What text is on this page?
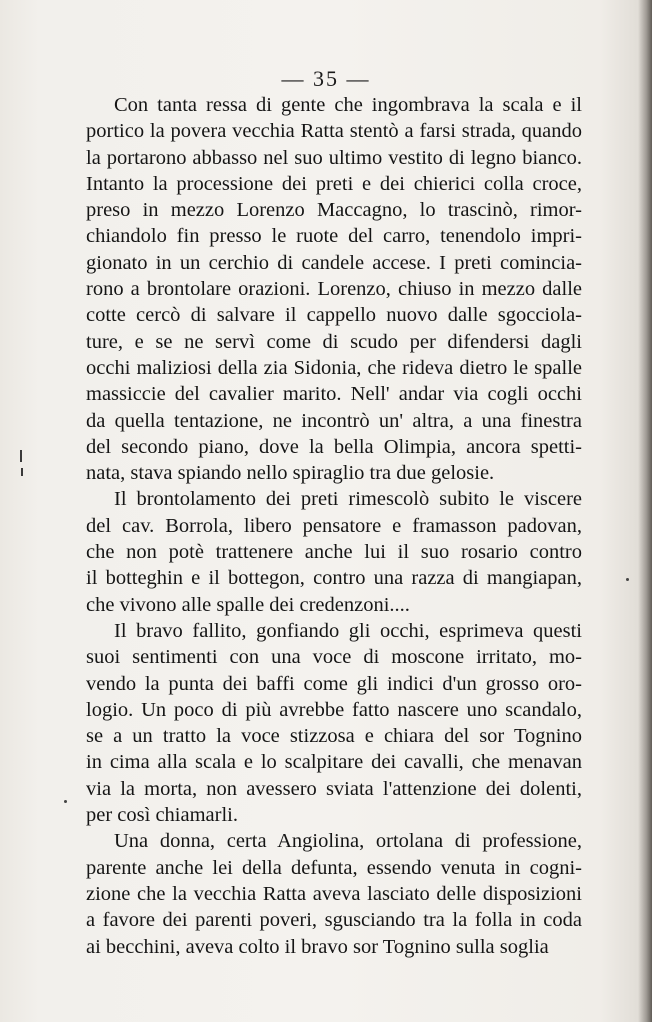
— 35 —
Con tanta ressa di gente che ingombrava la scala e il
portico la povera vecchia Ratta stentò a farsi strada, quando
la portarono abbasso nel suo ultimo vestito di legno bianco.
Intanto la processione dei preti e dei chierici colla croce,
preso in mezzo Lorenzo Maccagno, lo trascinò, rimor-
chiandolo fin presso le ruote del carro, tenendolo impri-
gionato in un cerchio di candele accese. I preti comincia-
rono a brontolare orazioni. Lorenzo, chiuso in mezzo dalle
cotte cercò di salvare il cappello nuovo dalle sgocciola-
ture, e se ne servì come di scudo per difendersi dagli
occhi maliziosi della zia Sidonia, che rideva dietro le spalle
massiccie del cavalier marito. Nell' andar via cogli occhi
da quella tentazione, ne incontrò un' altra, a una finestra
del secondo piano, dove la bella Olimpia, ancora spetti-
nata, stava spiando nello spiraglio tra due gelosie.
Il brontolamento dei preti rimescolò subito le viscere
del cav. Borrola, libero pensatore e framasson padovan,
che non potè trattenere anche lui il suo rosario contro
il botteghin e il bottegon, contro una razza di mangiapan,
che vivono alle spalle dei credenzoni....
Il bravo fallito, gonfiando gli occhi, esprimeva questi
suoi sentimenti con una voce di moscone irritato, mo-
vendo la punta dei baffi come gli indici d'un grosso oro-
logio. Un poco di più avrebbe fatto nascere uno scandalo,
se a un tratto la voce stizzosa e chiara del sor Tognino
in cima alla scala e lo scalpitare dei cavalli, che menavan
via la morta, non avessero sviata l'attenzione dei dolenti,
per così chiamarli.
Una donna, certa Angiolina, ortolana di professione,
parente anche lei della defunta, essendo venuta in cogni-
zione che la vecchia Ratta aveva lasciato delle disposizioni
a favore dei parenti poveri, sgusciando tra la folla in coda
ai becchini, aveva colto il bravo sor Tognino sulla soglia
